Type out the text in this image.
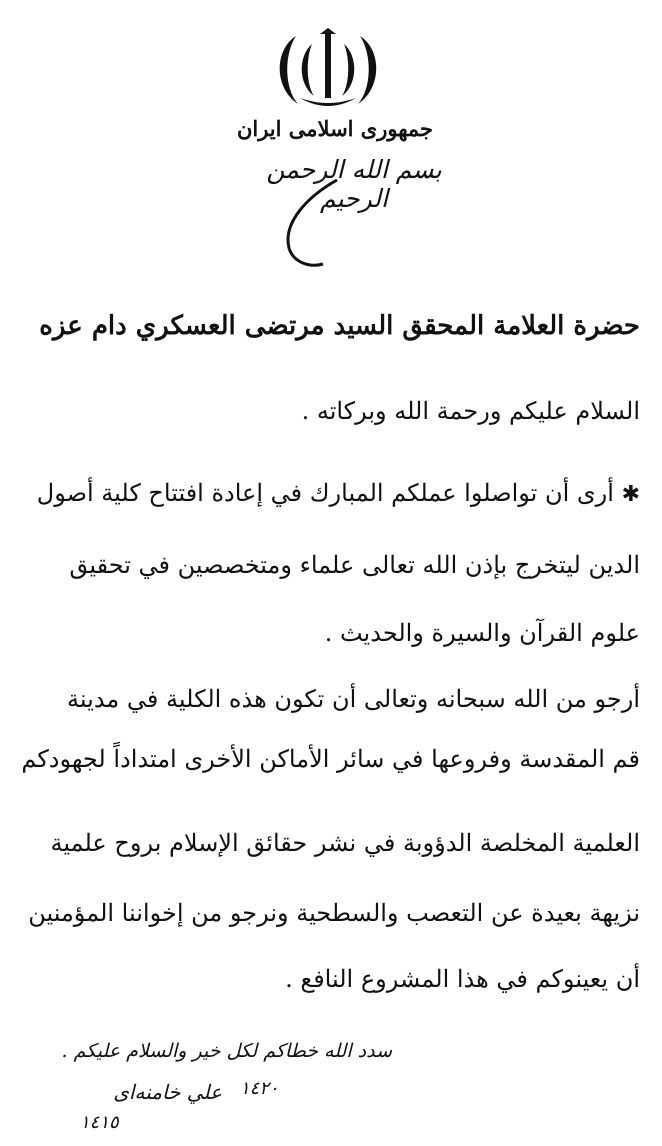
جمهوری اسلامی ایران
بسم الله الرحمن الرحیم
حضرة العلامة المحقق السيد مرتضى العسكري دام عزه
السلام عليكم ورحمة الله وبركاته .
✱ أرى أن تواصلوا عملكم المبارك في إعادة افتتاح كلية أصول
الدين ليتخرج بإذن الله تعالى علماء ومتخصصين في تحقيق
علوم القرآن والسيرة والحديث .
أرجو من الله سبحانه وتعالى أن تكون هذه الكلية في مدينة
قم المقدسة وفروعها في سائر الأماكن الأخرى امتداداً لجهودكم
العلمية المخلصة الدؤوبة في نشر حقائق الإسلام بروح علمية
نزيهة بعيدة عن التعصب والسطحية ونرجو من إخواننا المؤمنين
أن يعينوكم في هذا المشروع النافع .
سدد الله خطاكم لكل خير والسلام عليكم .
علي خامنه‌ای ١٤٢٠
١٤١٥
